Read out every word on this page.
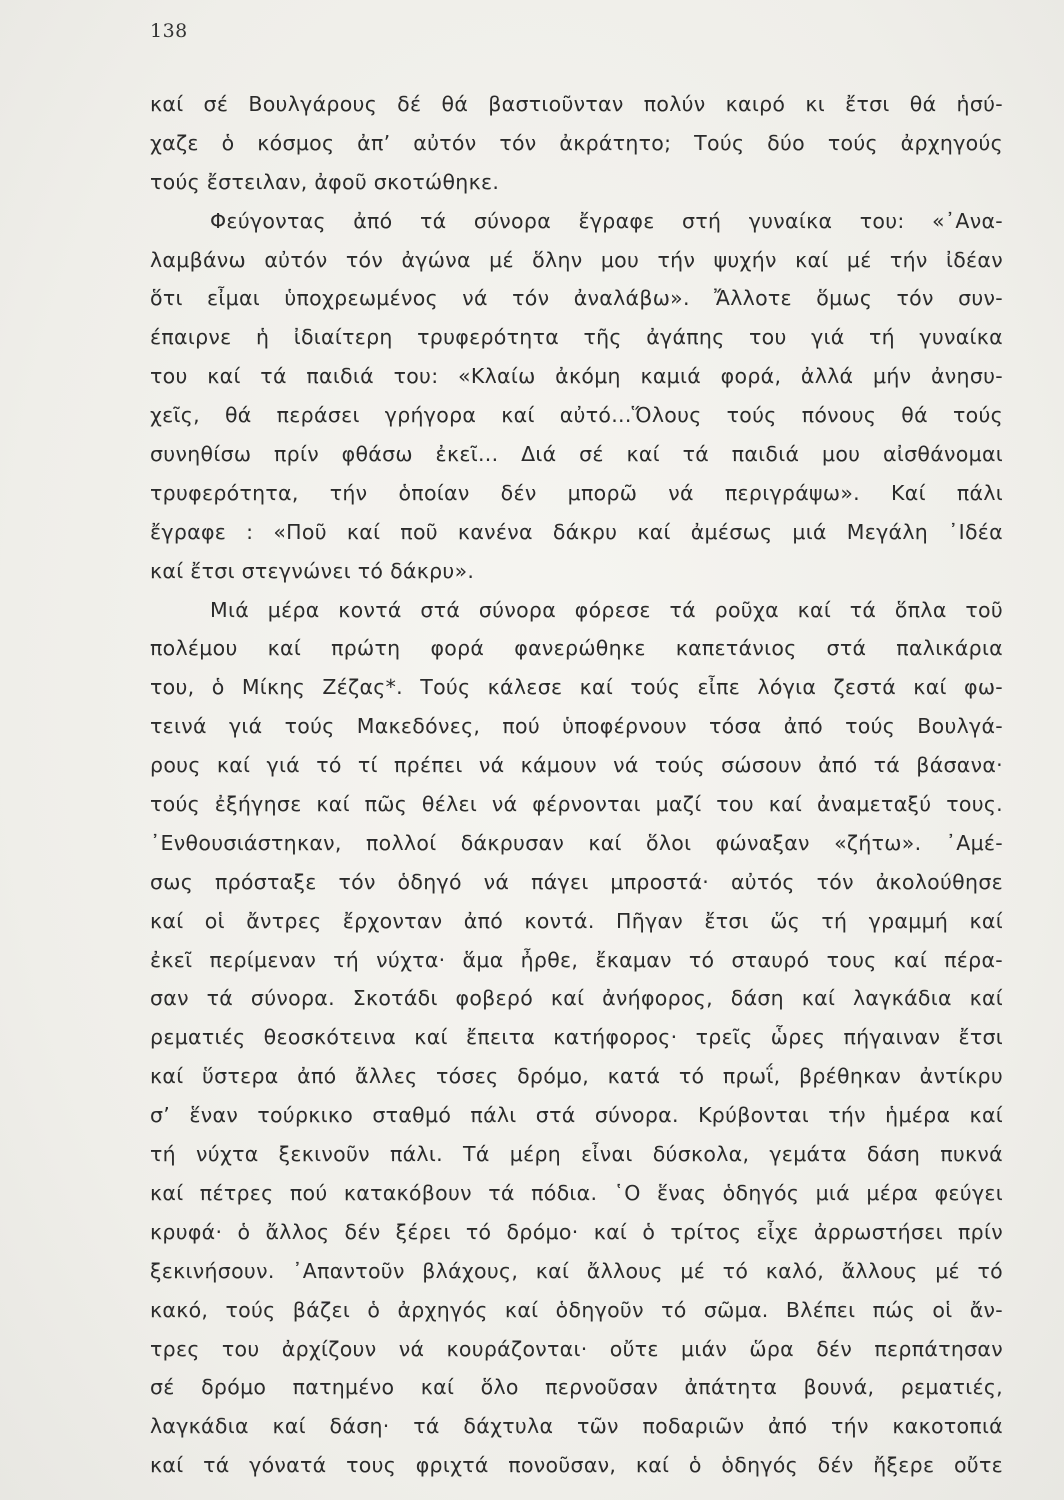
138
καί σέ Βουλγάρους δέ θά βαστιοῦνταν πολύν καιρό κι ἔτσι θά ἡσύ-
χαζε ὁ κόσμος ἀπ’ αὐτόν τόν ἀκράτητο; Τούς δύο τούς ἀρχηγούς
τούς ἔστειλαν, ἀφοῦ σκοτώθηκε.
Φεύγοντας ἀπό τά σύνορα ἔγραφε στή γυναίκα του: «᾽Ανα-
λαμβάνω αὐτόν τόν ἀγώνα μέ ὅλην μου τήν ψυχήν καί μέ τήν ἰδέαν
ὅτι εἶμαι ὑποχρεωμένος νά τόν ἀναλάβω». Ἄλλοτε ὅμως τόν συν-
έπαιρνε ἡ ἰδιαίτερη τρυφερότητα τῆς ἀγάπης του γιά τή γυναίκα
του καί τά παιδιά του: «Κλαίω ἀκόμη καμιά φορά, ἀλλά μήν ἀνησυ-
χεῖς, θά περάσει γρήγορα καί αὐτό...Ὅλους τούς πόνους θά τούς
συνηθίσω πρίν φθάσω ἐκεῖ... Διά σέ καί τά παιδιά μου αἰσθάνομαι
τρυφερότητα, τήν ὁποίαν δέν μπορῶ νά περιγράψω». Καί πάλι
ἔγραφε : «Ποῦ καί ποῦ κανένα δάκρυ καί ἀμέσως μιά Μεγάλη ᾽Ιδέα
καί ἔτσι στεγνώνει τό δάκρυ».
Μιά μέρα κοντά στά σύνορα φόρεσε τά ροῦχα καί τά ὅπλα τοῦ
πολέμου καί πρώτη φορά φανερώθηκε καπετάνιος στά παλικάρια
του, ὁ Μίκης Ζέζας*. Τούς κάλεσε καί τούς εἶπε λόγια ζεστά καί φω-
τεινά γιά τούς Μακεδόνες, πού ὑποφέρνουν τόσα ἀπό τούς Βουλγά-
ρους καί γιά τό τί πρέπει νά κάμουν νά τούς σώσουν ἀπό τά βάσανα·
τούς ἐξήγησε καί πῶς θέλει νά φέρνονται μαζί του καί ἀναμεταξύ τους.
᾽Ενθουσιάστηκαν, πολλοί δάκρυσαν καί ὅλοι φώναξαν «ζήτω». ᾽Αμέ-
σως πρόσταξε τόν ὁδηγό νά πάγει μπροστά· αὐτός τόν ἀκολούθησε
καί οἱ ἄντρες ἔρχονταν ἀπό κοντά. Πῆγαν ἔτσι ὥς τή γραμμή καί
ἐκεῖ περίμεναν τή νύχτα· ἅμα ἦρθε, ἔκαμαν τό σταυρό τους καί πέρα-
σαν τά σύνορα. Σκοτάδι φοβερό καί ἀνήφορος, δάση καί λαγκάδια καί
ρεματιές θεοσκότεινα καί ἔπειτα κατήφορος· τρεῖς ὧρες πήγαιναν ἔτσι
καί ὕστερα ἀπό ἄλλες τόσες δρόμο, κατά τό πρωΐ, βρέθηκαν ἀντίκρυ
σ’ ἕναν τούρκικο σταθμό πάλι στά σύνορα. Κρύβονται τήν ἡμέρα καί
τή νύχτα ξεκινοῦν πάλι. Τά μέρη εἶναι δύσκολα, γεμάτα δάση πυκνά
καί πέτρες πού κατακόβουν τά πόδια. ῾Ο ἕνας ὁδηγός μιά μέρα φεύγει
κρυφά· ὁ ἄλλος δέν ξέρει τό δρόμο· καί ὁ τρίτος εἶχε ἀρρωστήσει πρίν
ξεκινήσουν. ᾽Απαντοῦν βλάχους, καί ἄλλους μέ τό καλό, ἄλλους μέ τό
κακό, τούς βάζει ὁ ἀρχηγός καί ὁδηγοῦν τό σῶμα. Βλέπει πώς οἱ ἄν-
τρες του ἀρχίζουν νά κουράζονται· οὔτε μιάν ὥρα δέν περπάτησαν
σέ δρόμο πατημένο καί ὅλο περνοῦσαν ἀπάτητα βουνά, ρεματιές,
λαγκάδια καί δάση· τά δάχτυλα τῶν ποδαριῶν ἀπό τήν κακοτοπιά
καί τά γόνατά τους φριχτά πονοῦσαν, καί ὁ ὁδηγός δέν ἤξερε οὔτε
